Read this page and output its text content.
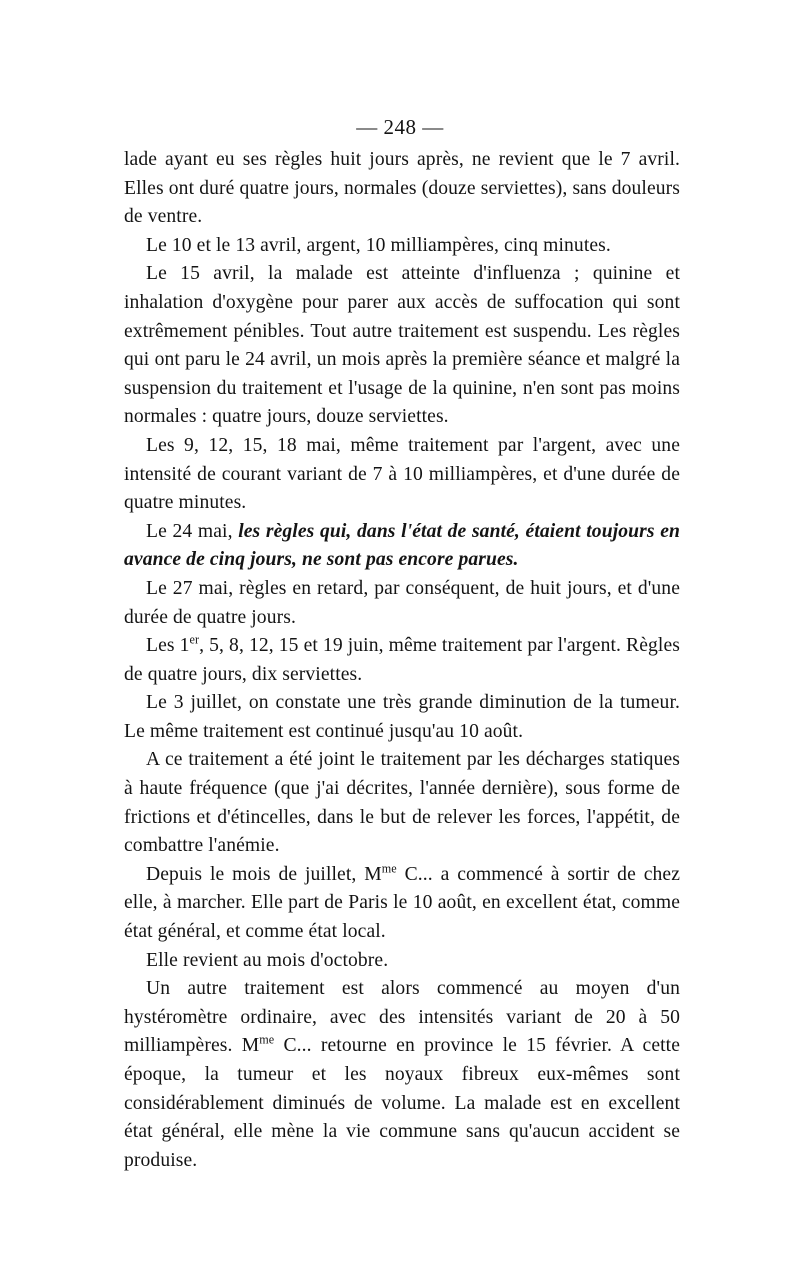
— 248 —

lade ayant eu ses règles huit jours après, ne revient que le 7 avril. Elles ont duré quatre jours, normales (douze serviettes), sans douleurs de ventre.

Le 10 et le 13 avril, argent, 10 milliampères, cinq minutes.

Le 15 avril, la malade est atteinte d'influenza ; quinine et inhalation d'oxygène pour parer aux accès de suffocation qui sont extrêmement pénibles. Tout autre traitement est suspendu. Les règles qui ont paru le 24 avril, un mois après la première séance et malgré la suspension du traitement et l'usage de la quinine, n'en sont pas moins normales : quatre jours, douze serviettes.

Les 9, 12, 15, 18 mai, même traitement par l'argent, avec une intensité de courant variant de 7 à 10 milliampères, et d'une durée de quatre minutes.

Le 24 mai, les règles qui, dans l'état de santé, étaient toujours en avance de cinq jours, ne sont pas encore parues.

Le 27 mai, règles en retard, par conséquent, de huit jours, et d'une durée de quatre jours.

Les 1er, 5, 8, 12, 15 et 19 juin, même traitement par l'argent. Règles de quatre jours, dix serviettes.

Le 3 juillet, on constate une très grande diminution de la tumeur. Le même traitement est continué jusqu'au 10 août.

A ce traitement a été joint le traitement par les décharges statiques à haute fréquence (que j'ai décrites, l'année dernière), sous forme de frictions et d'étincelles, dans le but de relever les forces, l'appétit, de combattre l'anémie.

Depuis le mois de juillet, $M^{me}$ C... a commencé à sortir de chez elle, à marcher. Elle part de Paris le 10 août, en excellent état, comme état général, et comme état local.

Elle revient au mois d'octobre.

Un autre traitement est alors commencé au moyen d'un hystéromètre ordinaire, avec des intensités variant de 20 à 50 milliampères. $M^{me}$ C... retourne en province le 15 février. A cette époque, la tumeur et les noyaux fibreux eux-mêmes sont considérablement diminués de volume. La malade est en excellent état général, elle mène la vie commune sans qu'aucun accident se produise.
